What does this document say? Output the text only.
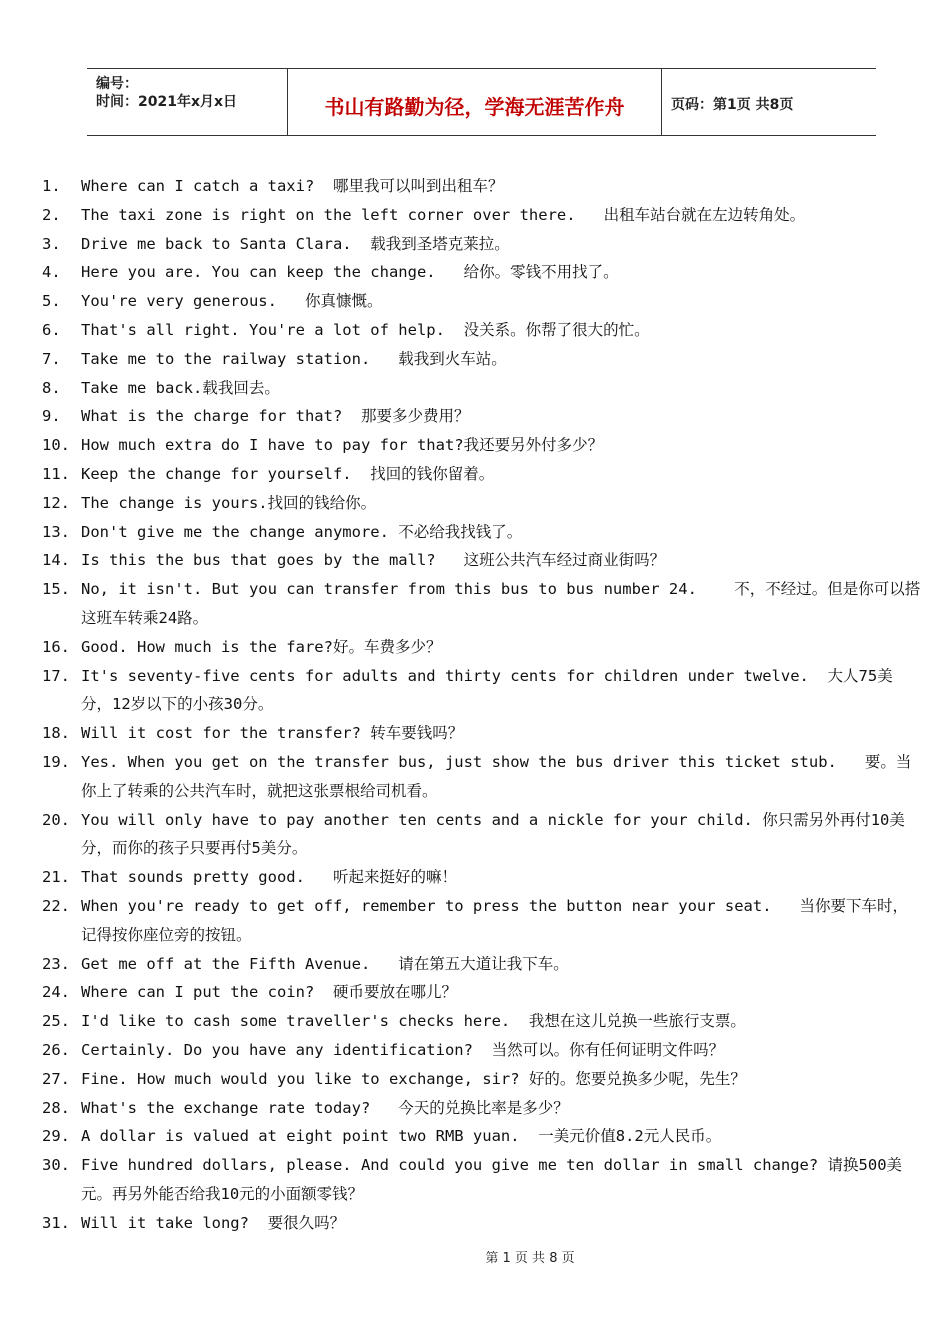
编号：
时间：2021年x月x日	书山有路勤为径，学海无涯苦作舟	页码：第1页 共8页
1. Where can I catch a taxi?  哪里我可以叫到出租车？
2. The taxi zone is right on the left corner over there.   出租车站台就在左边转角处。
3. Drive me back to Santa Clara.  载我到圣塔克莱拉。
4. Here you are. You can keep the change.   给你。零钱不用找了。
5. You're very generous.   你真慷慨。
6. That's all right. You're a lot of help.  没关系。你帮了很大的忙。
7. Take me to the railway station.   载我到火车站。
8. Take me back.载我回去。
9. What is the charge for that?  那要多少费用？
10. How much extra do I have to pay for that?我还要另外付多少？
11. Keep the change for yourself.  找回的钱你留着。
12. The change is yours.找回的钱给你。
13. Don't give me the change anymore. 不必给我找钱了。
14. Is this the bus that goes by the mall?   这班公共汽车经过商业街吗？
15. No, it isn't. But you can transfer from this bus to bus number 24.    不，不经过。但是你可以搭这班车转乘24路。
16. Good. How much is the fare?好。车费多少？
17. It's seventy-five cents for adults and thirty cents for children under twelve.  大人75美分，12岁以下的小孩30分。
18. Will it cost for the transfer? 转车要钱吗？
19. Yes. When you get on the transfer bus, just show the bus driver this ticket stub.   要。当你上了转乘的公共汽车时，就把这张票根给司机看。
20. You will only have to pay another ten cents and a nickle for your child. 你只需另外再付10美分，而你的孩子只要再付5美分。
21. That sounds pretty good.   听起来挺好的嘛！
22. When you're ready to get off, remember to press the button near your seat.   当你要下车时，记得按你座位旁的按钮。
23. Get me off at the Fifth Avenue.   请在第五大道让我下车。
24. Where can I put the coin?  硬币要放在哪儿？
25. I'd like to cash some traveller's checks here.  我想在这儿兑换一些旅行支票。
26. Certainly. Do you have any identification?  当然可以。你有任何证明文件吗？
27. Fine. How much would you like to exchange, sir? 好的。您要兑换多少呢，先生？
28. What's the exchange rate today?   今天的兑换比率是多少？
29. A dollar is valued at eight point two RMB yuan.  一美元价值8.2元人民币。
30. Five hundred dollars, please. And could you give me ten dollar in small change? 请换500美元。再另外能否给我10元的小面额零钱？
31. Will it take long?  要很久吗？
第 1 页 共 8 页
